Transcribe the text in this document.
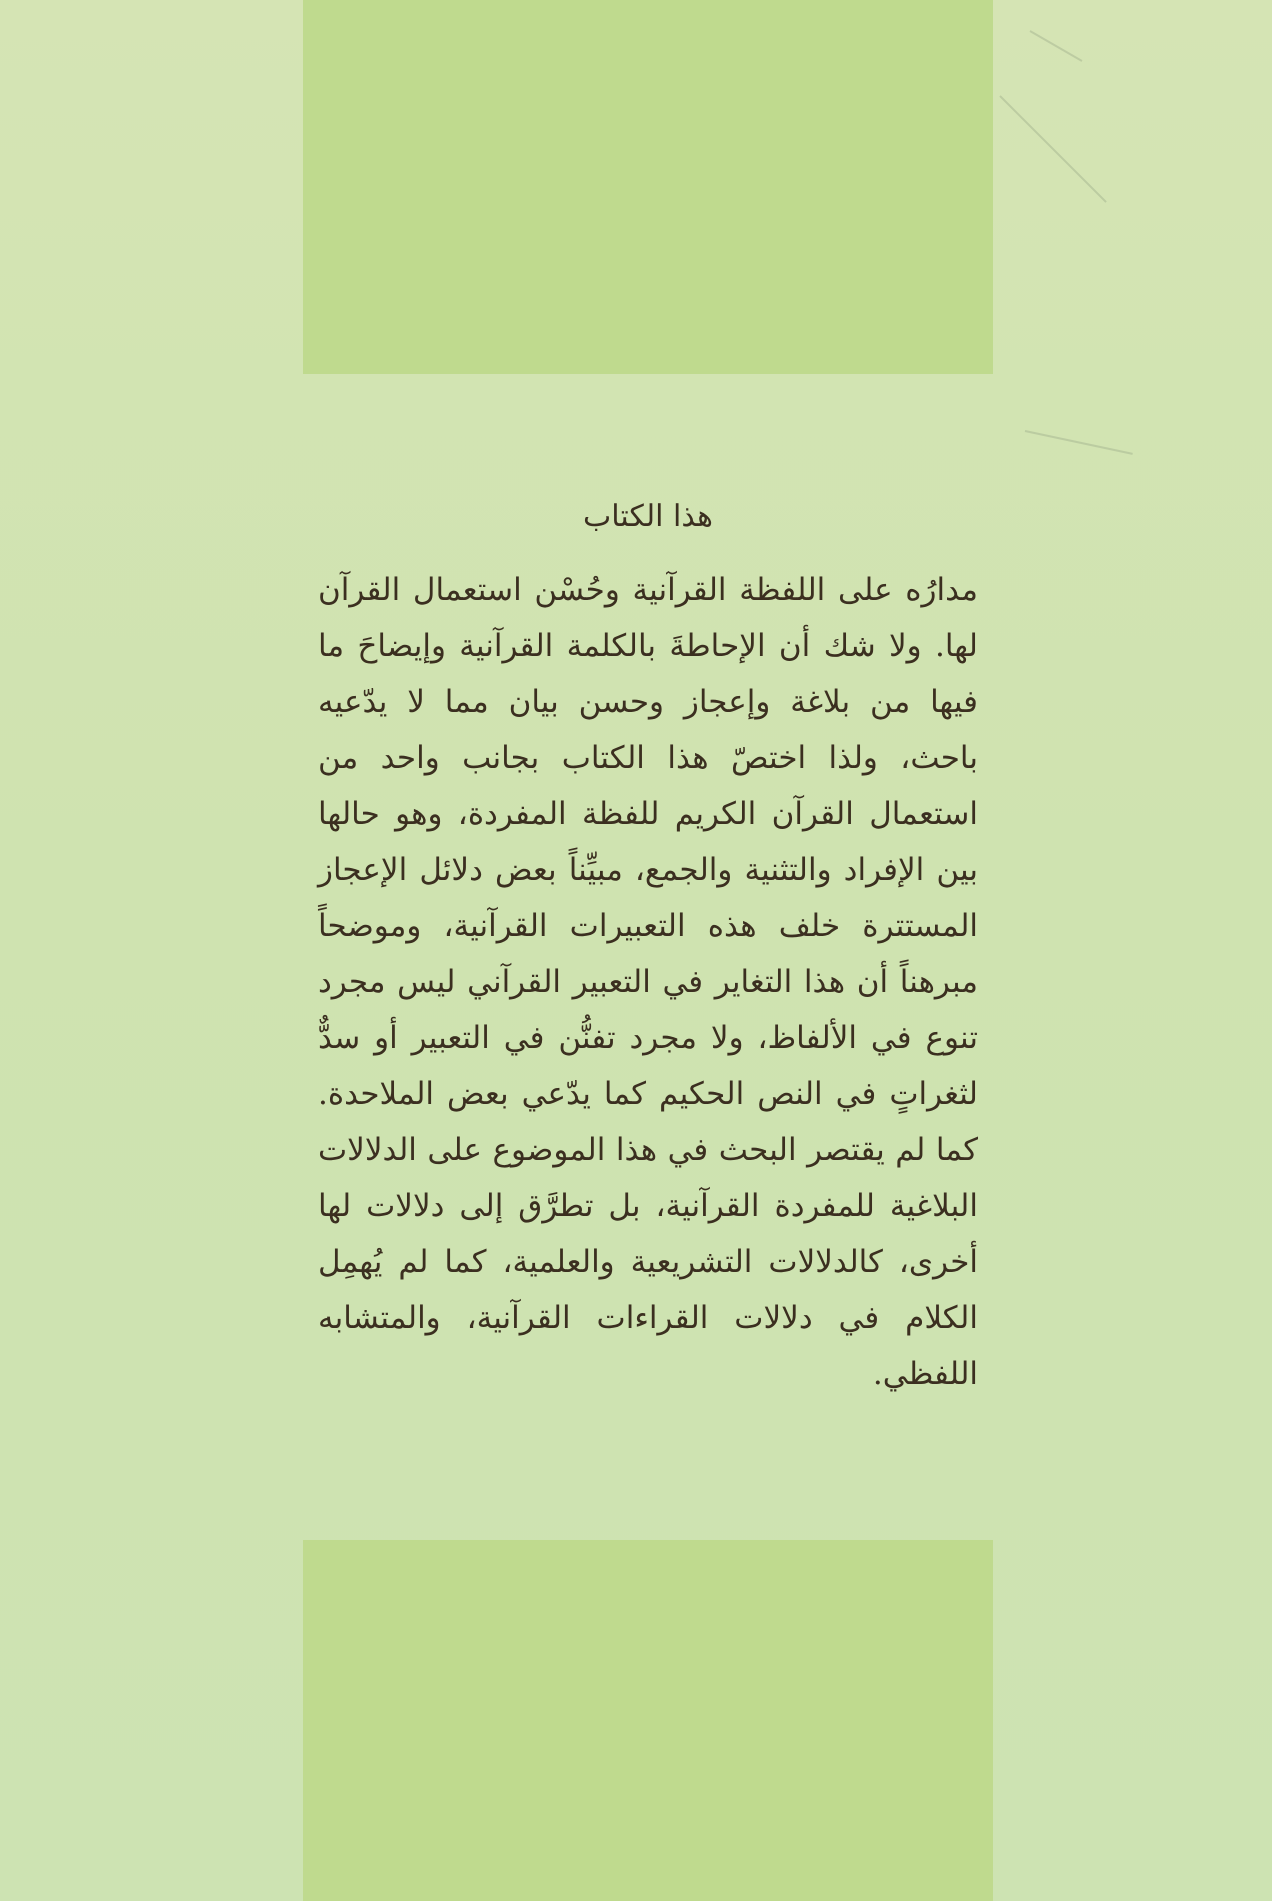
هذا الكتاب

مدارُه على اللفظة القرآنية وحُسْن استعمال القرآن لها. ولا شك أن الإحاطةَ بالكلمة القرآنية وإيضاحَ ما فيها من بلاغة وإعجاز وحسن بيان مما لا يدّعيه باحث، ولذا اختصّ هذا الكتاب بجانب واحد من استعمال القرآن الكريم للفظة المفردة، وهو حالها بين الإفراد والتثنية والجمع، مبيِّناً بعض دلائل الإعجاز المستترة خلف هذه التعبيرات القرآنية، وموضحاً مبرهناً أن هذا التغاير في التعبير القرآني ليس مجرد تنوع في الألفاظ، ولا مجرد تفنُّن في التعبير أو سدٌّ لثغراتٍ في النص الحكيم كما يدّعي بعض الملاحدة. كما لم يقتصر البحث في هذا الموضوع على الدلالات البلاغية للمفردة القرآنية، بل تطرَّق إلى دلالات لها أخرى، كالدلالات التشريعية والعلمية، كما لم يُهمِل الكلام في دلالات القراءات القرآنية، والمتشابه اللفظي.
